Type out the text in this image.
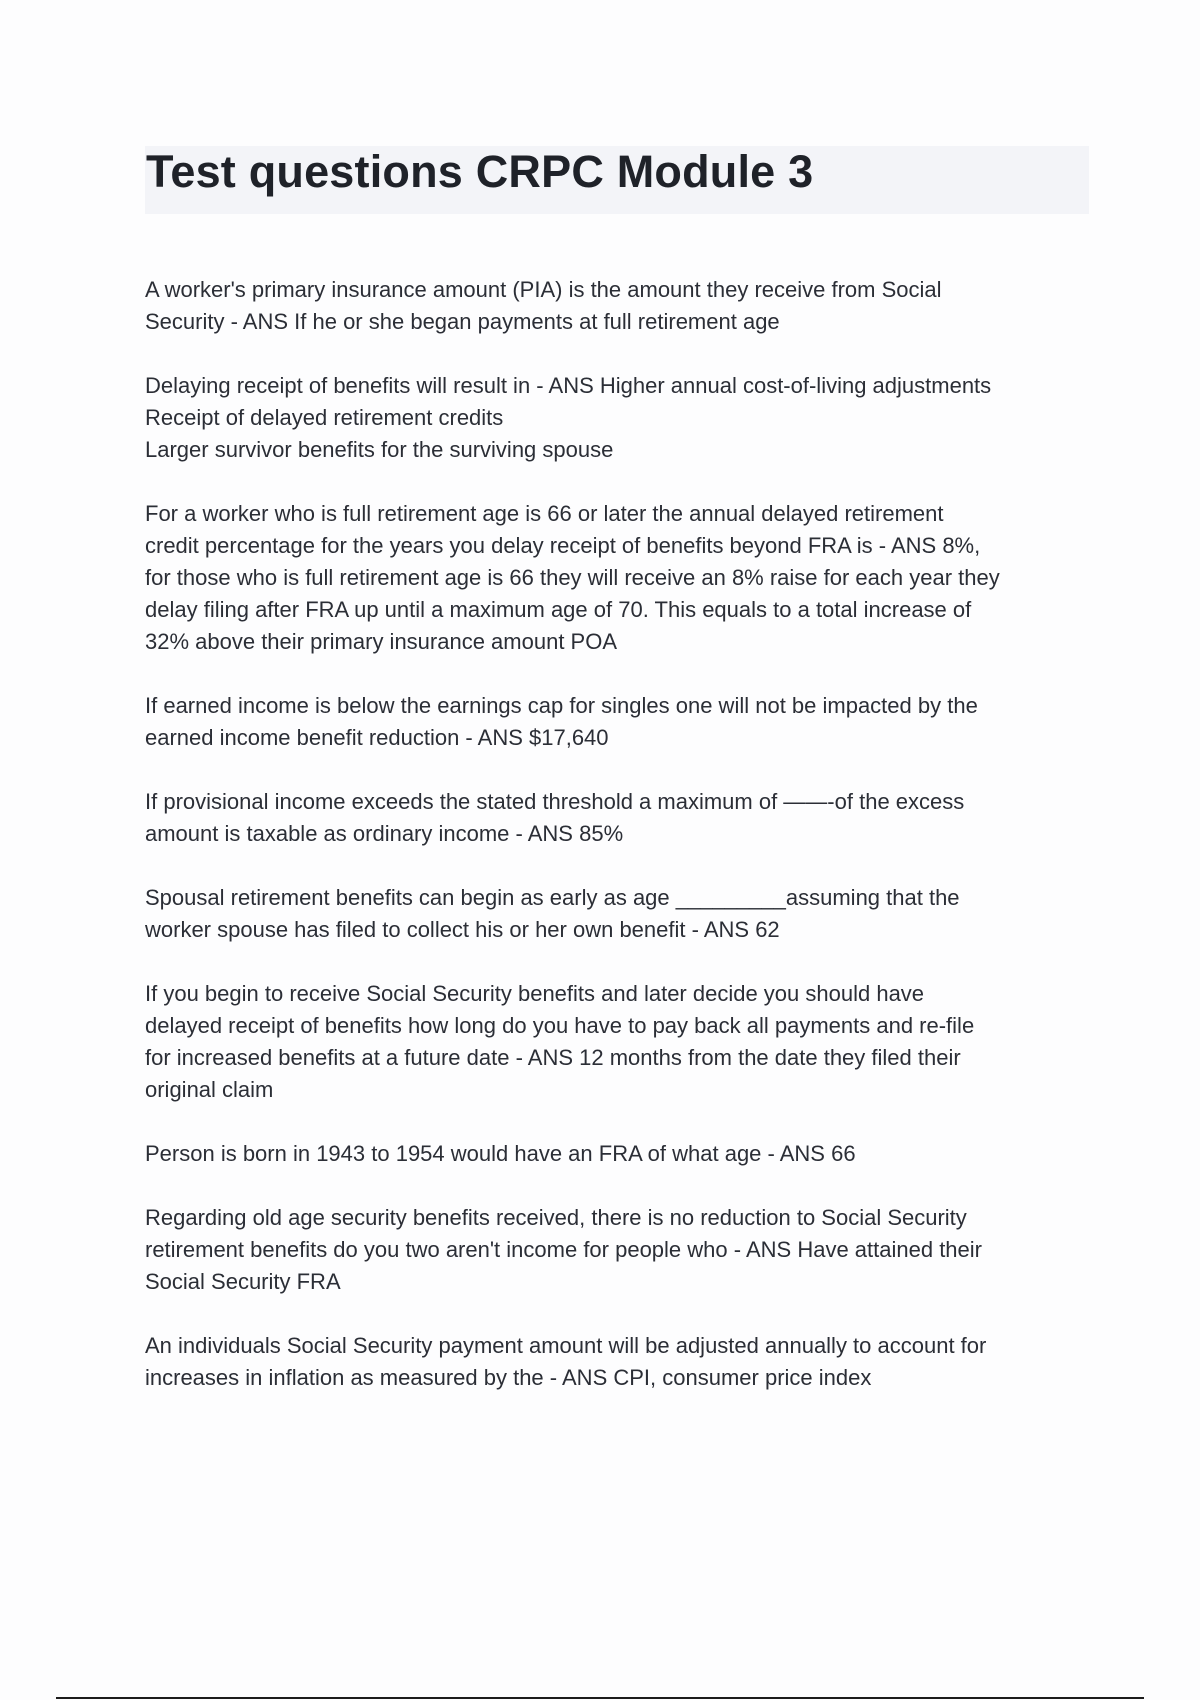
Test questions CRPC Module 3
A worker's primary insurance amount (PIA) is the amount they receive from Social
Security - ANS If he or she began payments at full retirement age
Delaying receipt of benefits will result in - ANS Higher annual cost-of-living adjustments
Receipt of delayed retirement credits
Larger survivor benefits for the surviving spouse
For a worker who is full retirement age is 66 or later the annual delayed retirement
credit percentage for the years you delay receipt of benefits beyond FRA is - ANS 8%,
for those who is full retirement age is 66 they will receive an 8% raise for each year they
delay filing after FRA up until a maximum age of 70. This equals to a total increase of
32% above their primary insurance amount POA
If earned income is below the earnings cap for singles one will not be impacted by the
earned income benefit reduction - ANS $17,640
If provisional income exceeds the stated threshold a maximum of ——-of the excess
amount is taxable as ordinary income - ANS 85%
Spousal retirement benefits can begin as early as age _________assuming that the
worker spouse has filed to collect his or her own benefit - ANS 62
If you begin to receive Social Security benefits and later decide you should have
delayed receipt of benefits how long do you have to pay back all payments and re-file
for increased benefits at a future date - ANS 12 months from the date they filed their
original claim
Person is born in 1943 to 1954 would have an FRA of what age - ANS 66
Regarding old age security benefits received, there is no reduction to Social Security
retirement benefits do you two aren't income for people who - ANS Have attained their
Social Security FRA
An individuals Social Security payment amount will be adjusted annually to account for
increases in inflation as measured by the - ANS CPI, consumer price index
